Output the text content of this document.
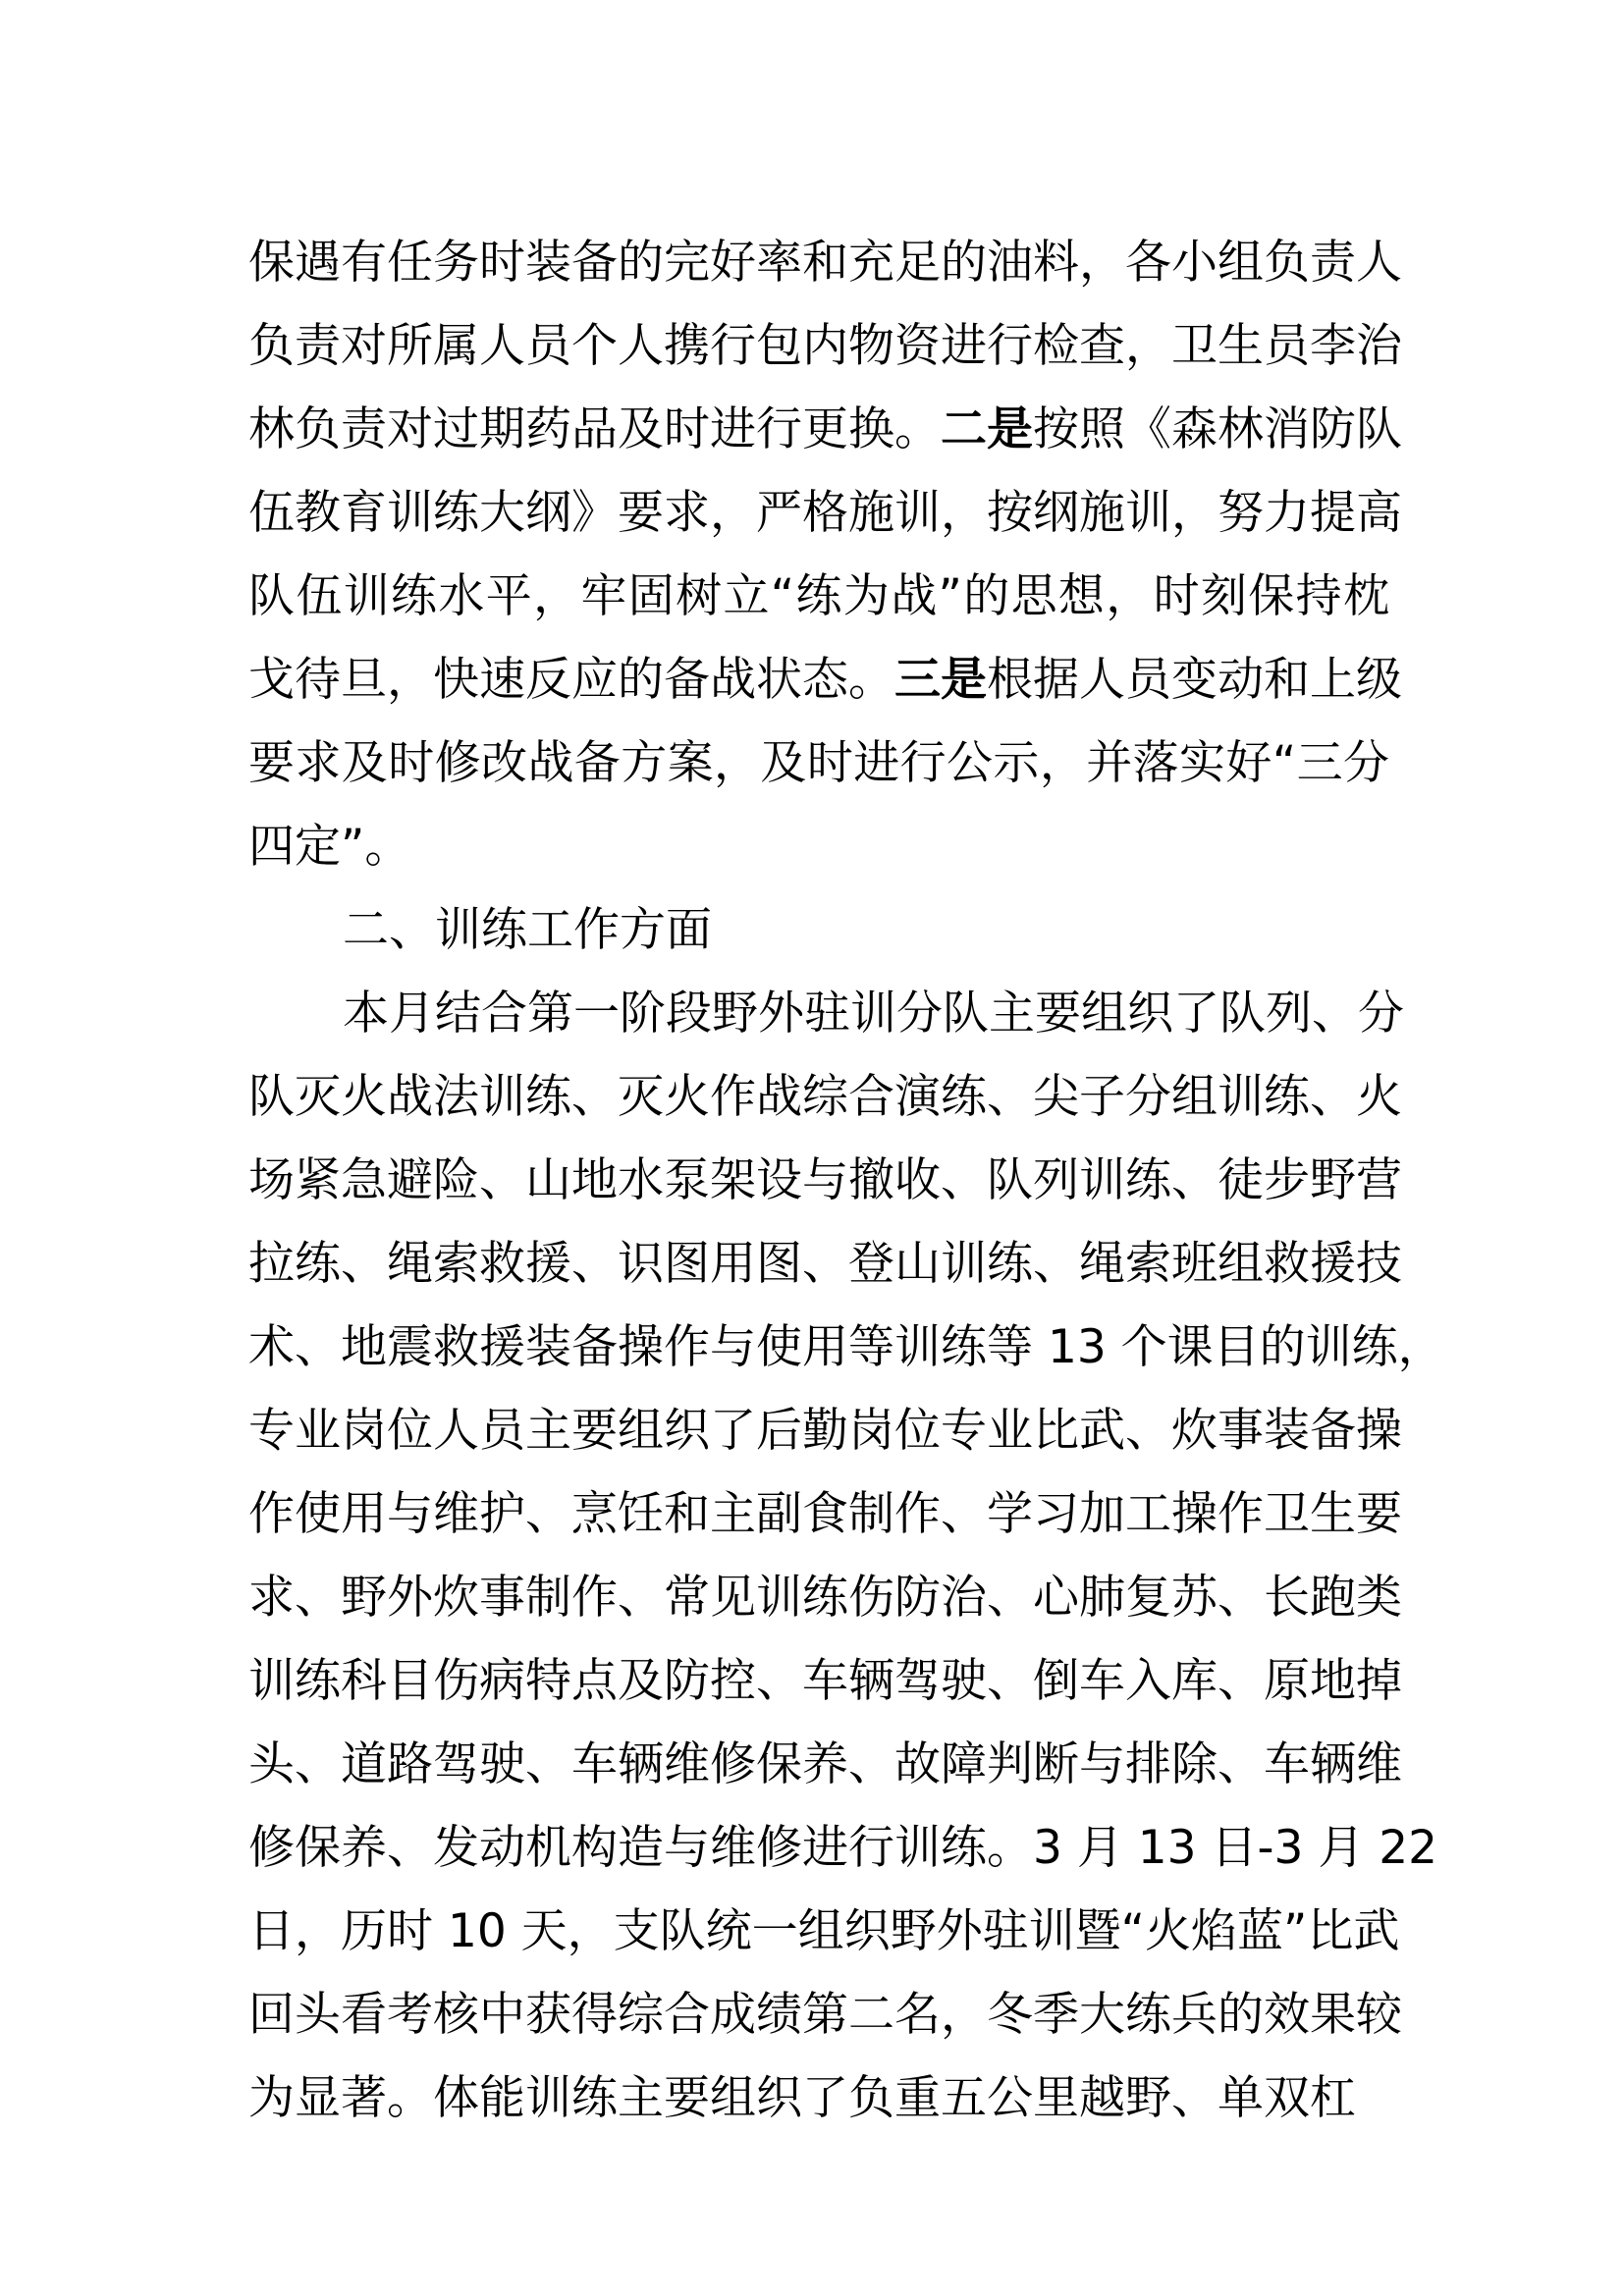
保遇有任务时装备的完好率和充足的油料，各小组负责人
负责对所属人员个人携行包内物资进行检查，卫生员李治
林负责对过期药品及时进行更换。二是按照《森林消防队
伍教育训练大纲》要求，严格施训，按纲施训，努力提高
队伍训练水平，牢固树立“练为战”的思想，时刻保持枕
戈待旦，快速反应的备战状态。三是根据人员变动和上级
要求及时修改战备方案，及时进行公示，并落实好“三分
四定”。
二、训练工作方面
本月结合第一阶段野外驻训分队主要组织了队列、分
队灭火战法训练、灭火作战综合演练、尖子分组训练、火
场紧急避险、山地水泵架设与撤收、队列训练、徒步野营
拉练、绳索救援、识图用图、登山训练、绳索班组救援技
术、地震救援装备操作与使用等训练等 13 个课目的训练，
专业岗位人员主要组织了后勤岗位专业比武、炊事装备操
作使用与维护、烹饪和主副食制作、学习加工操作卫生要
求、野外炊事制作、常见训练伤防治、心肺复苏、长跑类
训练科目伤病特点及防控、车辆驾驶、倒车入库、原地掉
头、道路驾驶、车辆维修保养、故障判断与排除、车辆维
修保养、发动机构造与维修进行训练。3 月 13 日-3 月 22
日，历时 10 天，支队统一组织野外驻训暨“火焰蓝”比武
回头看考核中获得综合成绩第二名，冬季大练兵的效果较
为显著。体能训练主要组织了负重五公里越野、单双杠
